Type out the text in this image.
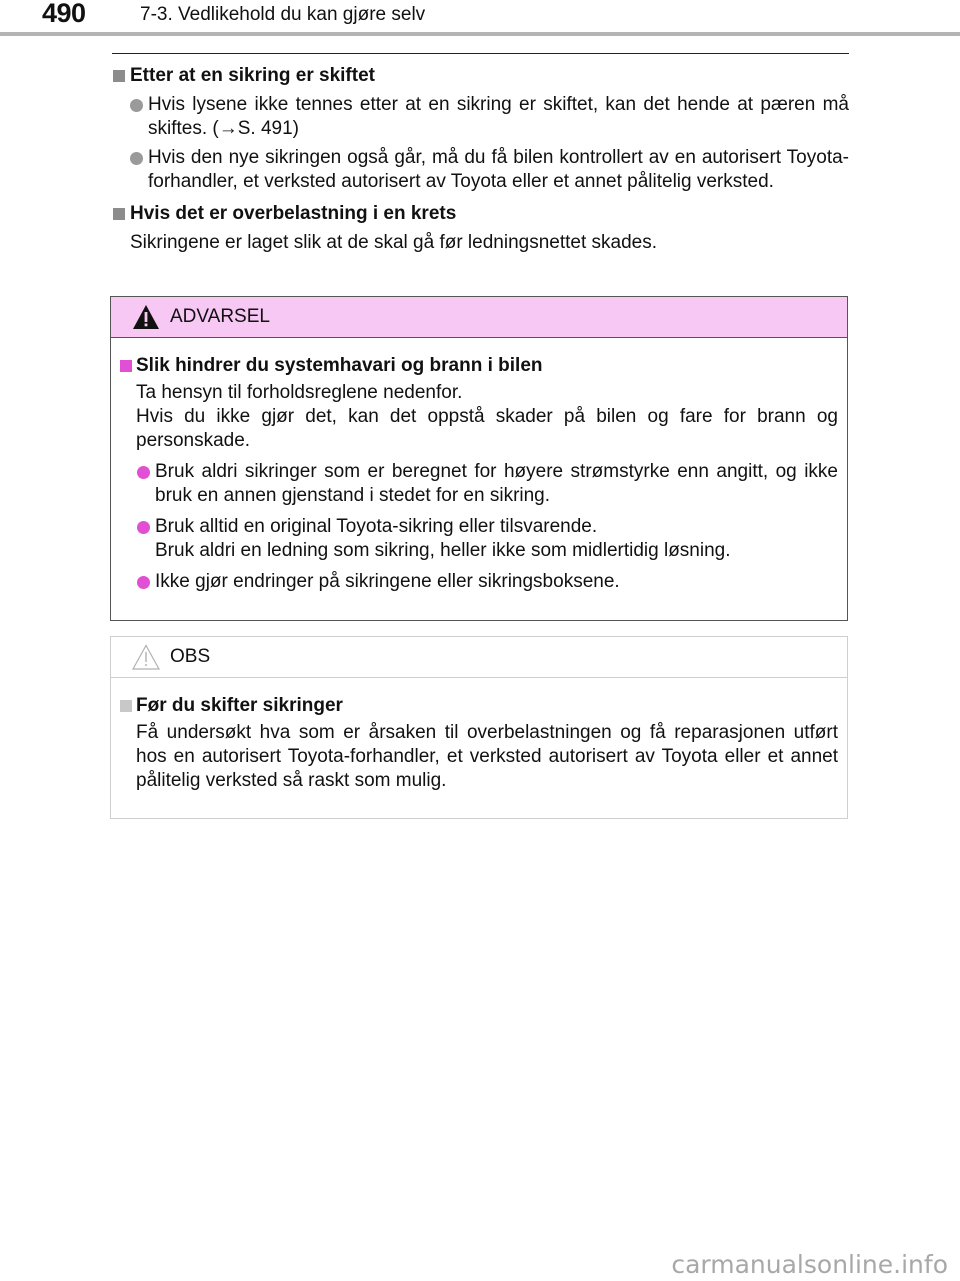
490	7-3. Vedlikehold du kan gjøre selv
Etter at en sikring er skiftet
Hvis lysene ikke tennes etter at en sikring er skiftet, kan det hende at pæren må skiftes. (→S. 491)
Hvis den nye sikringen også går, må du få bilen kontrollert av en autorisert Toyota-forhandler, et verksted autorisert av Toyota eller et annet pålitelig verksted.
Hvis det er overbelastning i en krets
Sikringene er laget slik at de skal gå før ledningsnettet skades.
ADVARSEL
Slik hindrer du systemhavari og brann i bilen
Ta hensyn til forholdsreglene nedenfor.
Hvis du ikke gjør det, kan det oppstå skader på bilen og fare for brann og personskade.
Bruk aldri sikringer som er beregnet for høyere strømstyrke enn angitt, og ikke bruk en annen gjenstand i stedet for en sikring.
Bruk alltid en original Toyota-sikring eller tilsvarende.
Bruk aldri en ledning som sikring, heller ikke som midlertidig løsning.
Ikke gjør endringer på sikringene eller sikringsboksene.
OBS
Før du skifter sikringer
Få undersøkt hva som er årsaken til overbelastningen og få reparasjonen utført hos en autorisert Toyota-forhandler, et verksted autorisert av Toyota eller et annet pålitelig verksted så raskt som mulig.
carmanualsonline.info
